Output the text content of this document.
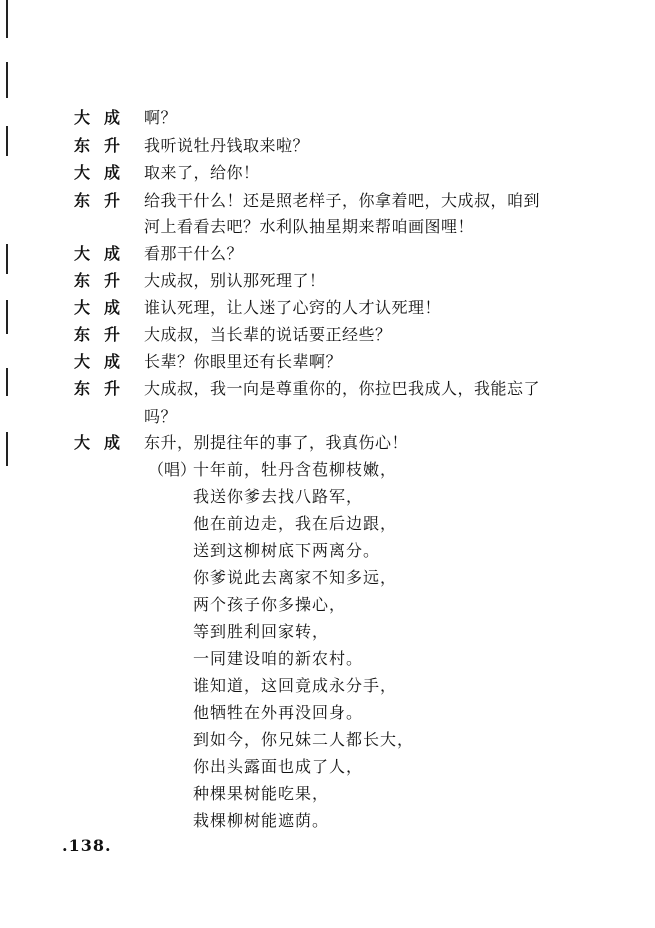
大成 啊？
东升 我听说牡丹钱取来啦？
大成 取来了，给你！
东升 给我干什么！还是照老样子，你拿着吧，大成叔，咱到
河上看看去吧？水利队抽星期来帮咱画图哩！
大成 看那干什么？
东升 大成叔，别认那死理了！
大成 谁认死理，让人迷了心窍的人才认死理！
东升 大成叔，当长辈的说话要正经些？
大成 长辈？你眼里还有长辈啊？
东升 大成叔，我一向是尊重你的，你拉巴我成人，我能忘了
吗？
大成 东升，别提往年的事了，我真伤心！
（唱）
十年前，牡丹含苞柳枝嫩，
我送你爹去找八路军，
他在前边走，我在后边跟，
送到这柳树底下两离分。
你爹说此去离家不知多远，
两个孩子你多操心，
等到胜利回家转，
一同建设咱的新农村。
谁知道，这回竟成永分手，
他牺牲在外再没回身。
到如今，你兄妹二人都长大，
你出头露面也成了人，
种棵果树能吃果，
栽棵柳树能遮荫。
.138.
